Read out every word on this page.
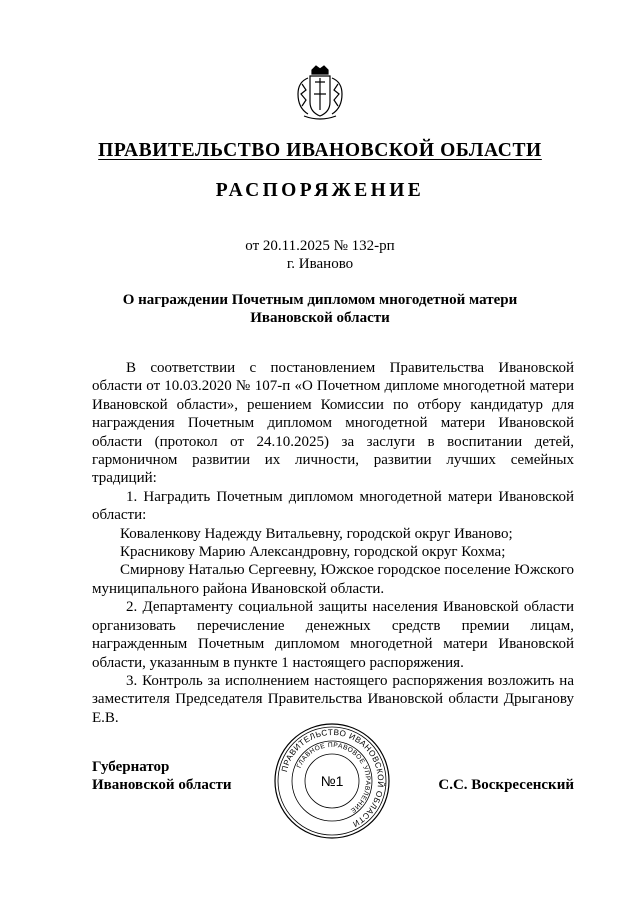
ПРАВИТЕЛЬСТВО ИВАНОВСКОЙ ОБЛАСТИ
РАСПОРЯЖЕНИЕ
от 20.11.2025 № 132-рп
г. Иваново
О награждении Почетным дипломом многодетной матери Ивановской области

В соответствии с постановлением Правительства Ивановской области от 10.03.2020 № 107-п «О Почетном дипломе многодетной матери Ивановской области», решением Комиссии по отбору кандидатур для награждения Почетным дипломом многодетной матери Ивановской области (протокол от 24.10.2025) за заслуги в воспитании детей, гармоничном развитии их личности, развитии лучших семейных традиций:

1. Наградить Почетным дипломом многодетной матери Ивановской области:

Коваленкову Надежду Витальевну, городской округ Иваново;

Красникову Марию Александровну, городской округ Кохма;

Смирнову Наталью Сергеевну, Южское городское поселение Южского муниципального района Ивановской области.

2. Департаменту социальной защиты населения Ивановской области организовать перечисление денежных средств премии лицам, награжденным Почетным дипломом многодетной матери Ивановской области, указанным в пункте 1 настоящего распоряжения.

3. Контроль за исполнением настоящего распоряжения возложить на заместителя Председателя Правительства Ивановской области Дрыганову Е.В.

Губернатор
Ивановской области
ПРАВИТЕЛЬСТВО ИВАНОВСКОЙ ОБЛАСТИ
ГЛАВНОЕ ПРАВОВОЕ УПРАВЛЕНИЕ
№1	С.С. Воскресенский
